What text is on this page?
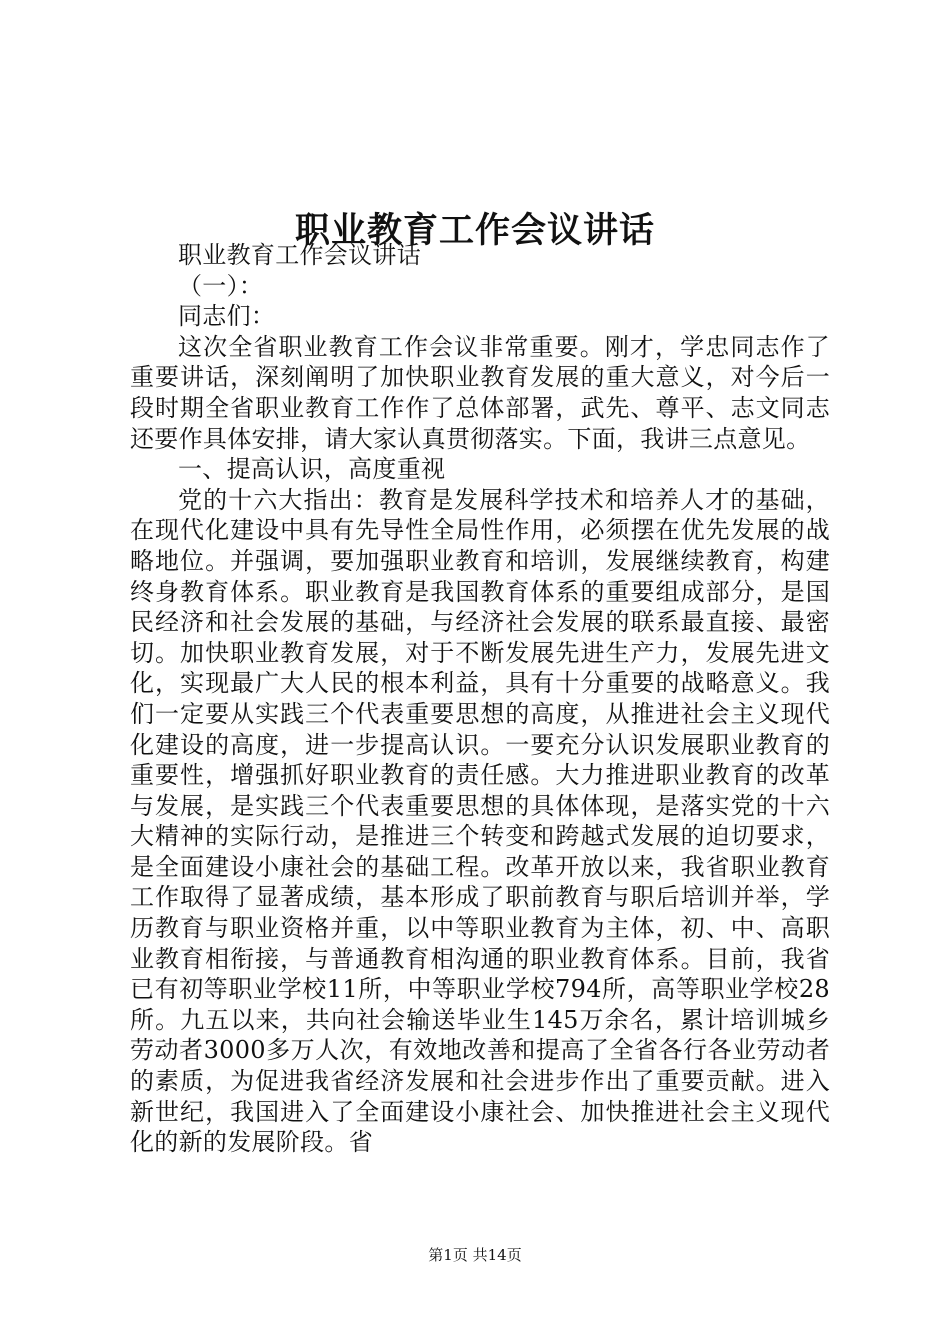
职业教育工作会议讲话

职业教育工作会议讲话

（一）：

同志们：

这次全省职业教育工作会议非常重要。刚才，学忠同志作了重要讲话，深刻阐明了加快职业教育发展的重大意义，对今后一段时期全省职业教育工作作了总体部署，武先、尊平、志文同志还要作具体安排，请大家认真贯彻落实。下面，我讲三点意见。

一、提高认识，高度重视

党的十六大指出：教育是发展科学技术和培养人才的基础，在现代化建设中具有先导性全局性作用，必须摆在优先发展的战略地位。并强调，要加强职业教育和培训，发展继续教育，构建终身教育体系。职业教育是我国教育体系的重要组成部分，是国民经济和社会发展的基础，与经济社会发展的联系最直接、最密切。加快职业教育发展，对于不断发展先进生产力，发展先进文化，实现最广大人民的根本利益，具有十分重要的战略意义。我们一定要从实践三个代表重要思想的高度，从推进社会主义现代化建设的高度，进一步提高认识。一要充分认识发展职业教育的重要性，增强抓好职业教育的责任感。大力推进职业教育的改革与发展，是实践三个代表重要思想的具体体现，是落实党的十六大精神的实际行动，是推进三个转变和跨越式发展的迫切要求，是全面建设小康社会的基础工程。改革开放以来，我省职业教育工作取得了显著成绩，基本形成了职前教育与职后培训并举，学历教育与职业资格并重，以中等职业教育为主体，初、中、高职业教育相衔接，与普通教育相沟通的职业教育体系。目前，我省已有初等职业学校11所，中等职业学校794所，高等职业学校28所。九五以来，共向社会输送毕业生145万余名，累计培训城乡劳动者3000多万人次，有效地改善和提高了全省各行各业劳动者的素质，为促进我省经济发展和社会进步作出了重要贡献。进入新世纪，我国进入了全面建设小康社会、加快推进社会主义现代化的新的发展阶段。省

第1页 共14页
